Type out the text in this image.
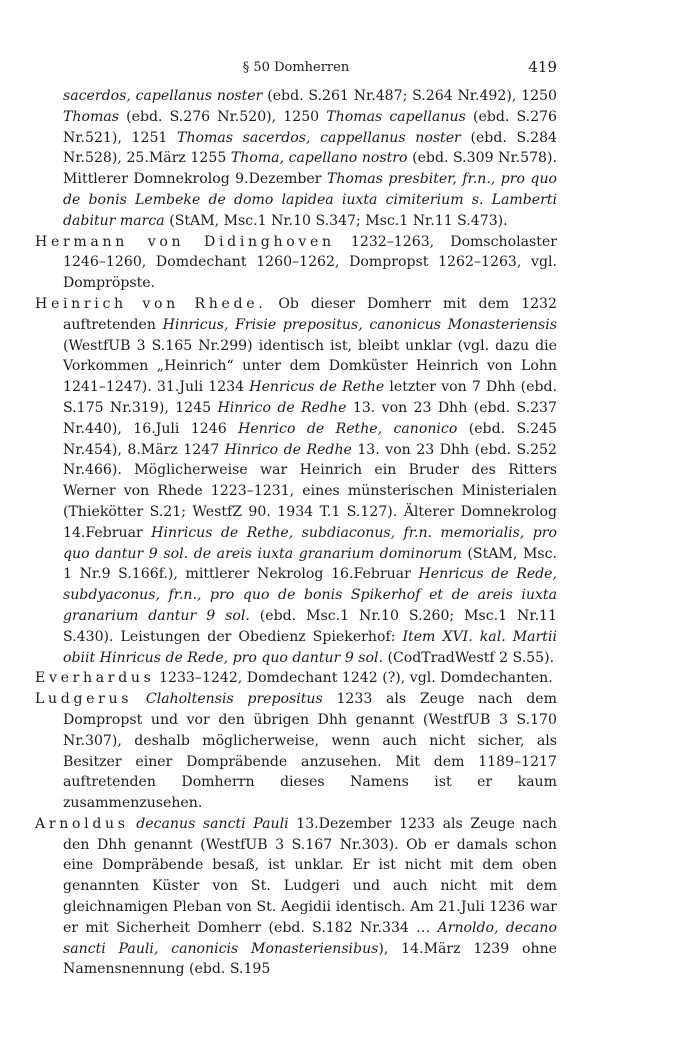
§ 50 Domherren	419

sacerdos, capellanus noster (ebd. S.261 Nr.487; S.264 Nr.492), 1250 Thomas (ebd. S.276 Nr.520), 1250 Thomas capellanus (ebd. S.276 Nr.521), 1251 Thomas sacerdos, cappellanus noster (ebd. S.284 Nr.528), 25.März 1255 Thoma, capellano nostro (ebd. S.309 Nr.578). Mittlerer Domnekrolog 9.Dezember Thomas presbiter, fr.n., pro quo de bonis Lembeke de domo lapidea iuxta cimiterium s. Lamberti dabitur marca (StAM, Msc.1 Nr.10 S.347; Msc.1 Nr.11 S.473).

Hermann von Didinghoven 1232–1263, Domscholaster 1246–1260, Domdechant 1260–1262, Dompropst 1262–1263, vgl. Dompröpste.

Heinrich von Rhede. Ob dieser Domherr mit dem 1232 auftretenden Hinricus, Frisie prepositus, canonicus Monasteriensis (WestfUB 3 S.165 Nr.299) identisch ist, bleibt unklar (vgl. dazu die Vorkommen „Heinrich“ unter dem Domküster Heinrich von Lohn 1241–1247). 31.Juli 1234 Henricus de Rethe letzter von 7 Dhh (ebd. S.175 Nr.319), 1245 Hinrico de Redhe 13. von 23 Dhh (ebd. S.237 Nr.440), 16.Juli 1246 Henrico de Rethe, canonico (ebd. S.245 Nr.454), 8.März 1247 Hinrico de Redhe 13. von 23 Dhh (ebd. S.252 Nr.466). Möglicherweise war Heinrich ein Bruder des Ritters Werner von Rhede 1223–1231, eines münsterischen Ministerialen (Thiekötter S.21; WestfZ 90. 1934 T.1 S.127). Älterer Domnekrolog 14.Februar Hinricus de Rethe, subdiaconus, fr.n. memorialis, pro quo dantur 9 sol. de areis iuxta granarium dominorum (StAM, Msc. 1 Nr.9 S.166f.), mittlerer Nekrolog 16.Februar Henricus de Rede, subdyaconus, fr.n., pro quo de bonis Spikerhof et de areis iuxta granarium dantur 9 sol. (ebd. Msc.1 Nr.10 S.260; Msc.1 Nr.11 S.430). Leistungen der Obedienz Spiekerhof: Item XVI. kal. Martii obiit Hinricus de Rede, pro quo dantur 9 sol. (CodTradWestf 2 S.55).

Everhardus 1233–1242, Domdechant 1242 (?), vgl. Domdechanten.

Ludgerus Claholtensis prepositus 1233 als Zeuge nach dem Dompropst und vor den übrigen Dhh genannt (WestfUB 3 S.170 Nr.307), deshalb möglicherweise, wenn auch nicht sicher, als Besitzer einer Dompräbende anzusehen. Mit dem 1189–1217 auftretenden Domherrn dieses Namens ist er kaum zusammenzusehen.

Arnoldus decanus sancti Pauli 13.Dezember 1233 als Zeuge nach den Dhh genannt (WestfUB 3 S.167 Nr.303). Ob er damals schon eine Dompräbende besaß, ist unklar. Er ist nicht mit dem oben genannten Küster von St. Ludgeri und auch nicht mit dem gleichnamigen Pleban von St. Aegidii identisch. Am 21.Juli 1236 war er mit Sicherheit Domherr (ebd. S.182 Nr.334 … Arnoldo, decano sancti Pauli, canonicis Monasteriensibus), 14.März 1239 ohne Namensnennung (ebd. S.195
